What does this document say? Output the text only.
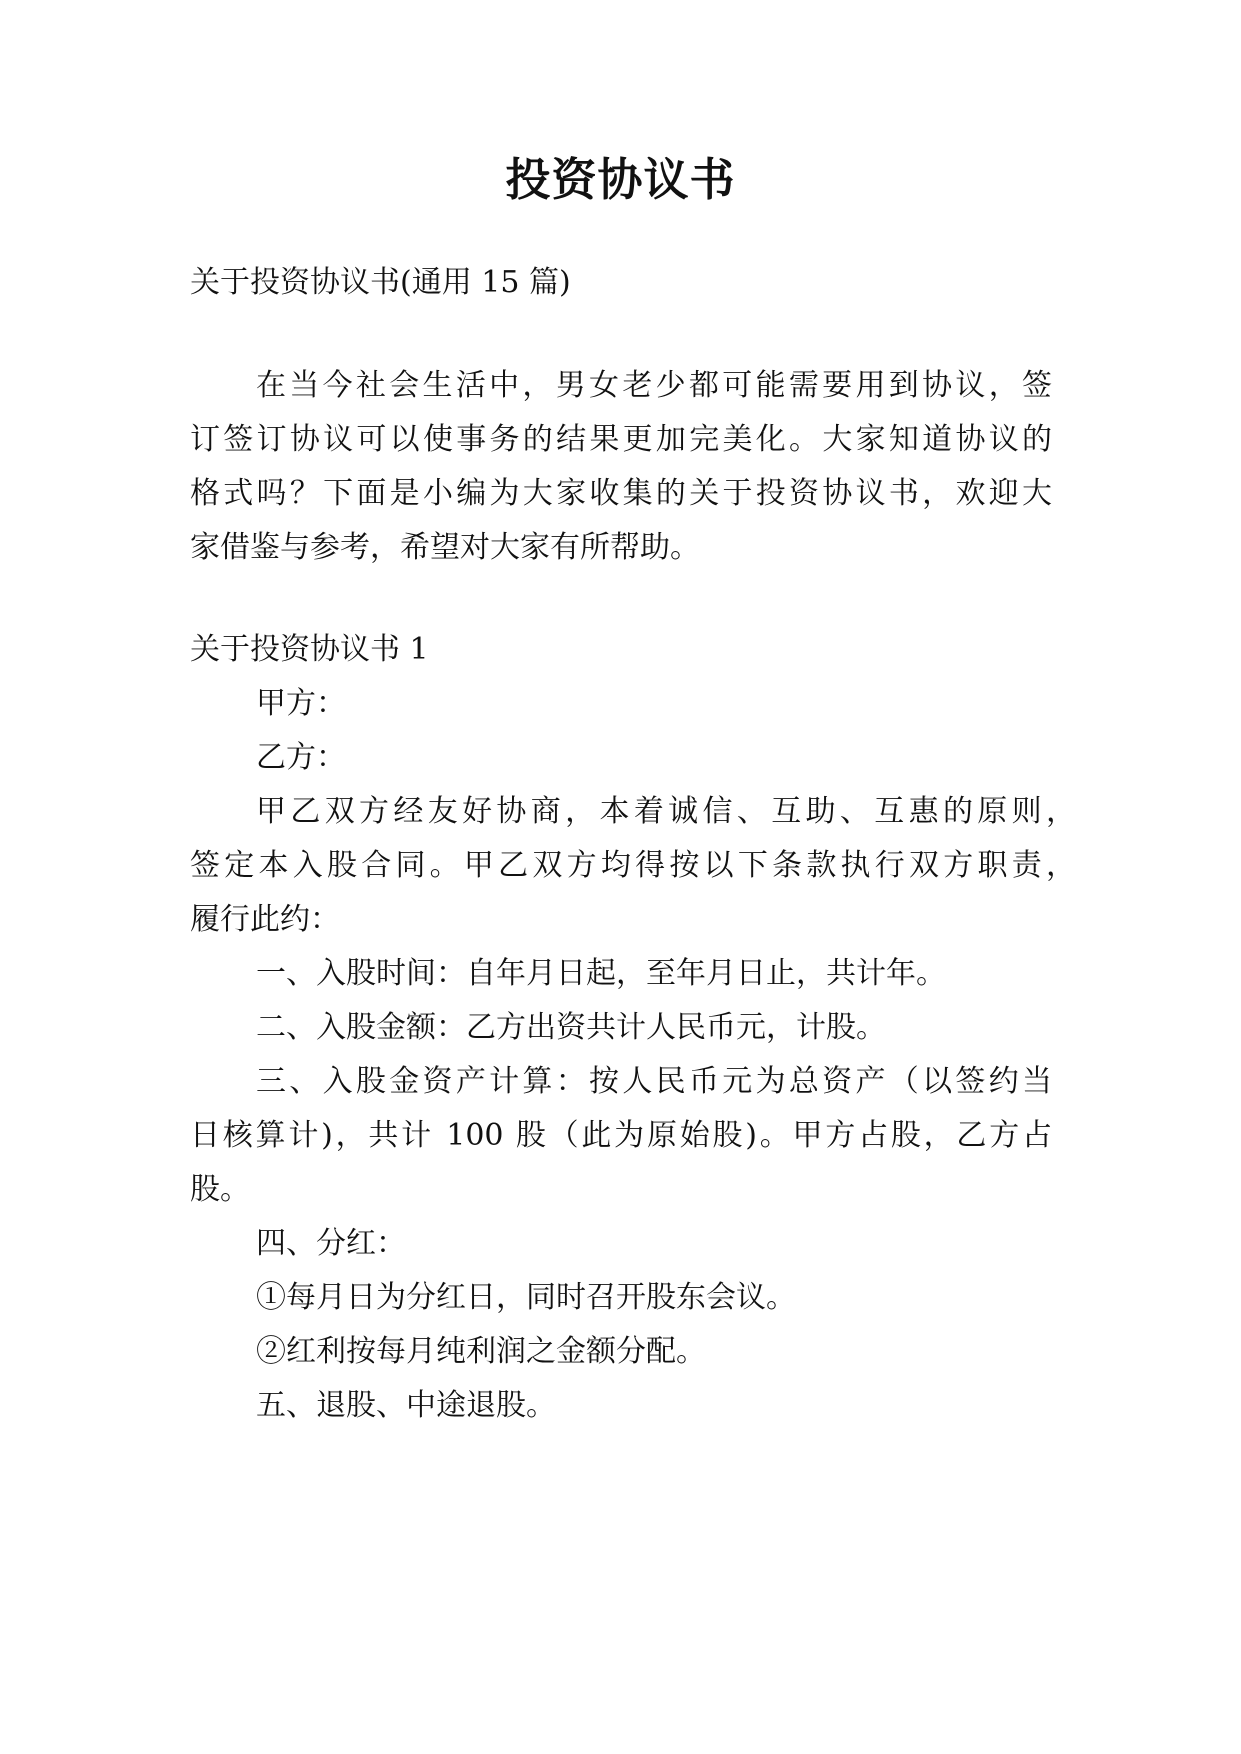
投资协议书
关于投资协议书(通用 15 篇)
在当今社会生活中，男女老少都可能需要用到协议，签
订签订协议可以使事务的结果更加完美化。大家知道协议的
格式吗？下面是小编为大家收集的关于投资协议书，欢迎大
家借鉴与参考，希望对大家有所帮助。
关于投资协议书 1
甲方：
乙方：
甲乙双方经友好协商，本着诚信、互助、互惠的原则，
签定本入股合同。甲乙双方均得按以下条款执行双方职责，
履行此约：
一、入股时间：自年月日起，至年月日止，共计年。
二、入股金额：乙方出资共计人民币元，计股。
三、入股金资产计算：按人民币元为总资产（以签约当
日核算计)，共计 100 股（此为原始股)。甲方占股，乙方占
股。
四、分红：
①每月日为分红日，同时召开股东会议。
②红利按每月纯利润之金额分配。
五、退股、中途退股。
